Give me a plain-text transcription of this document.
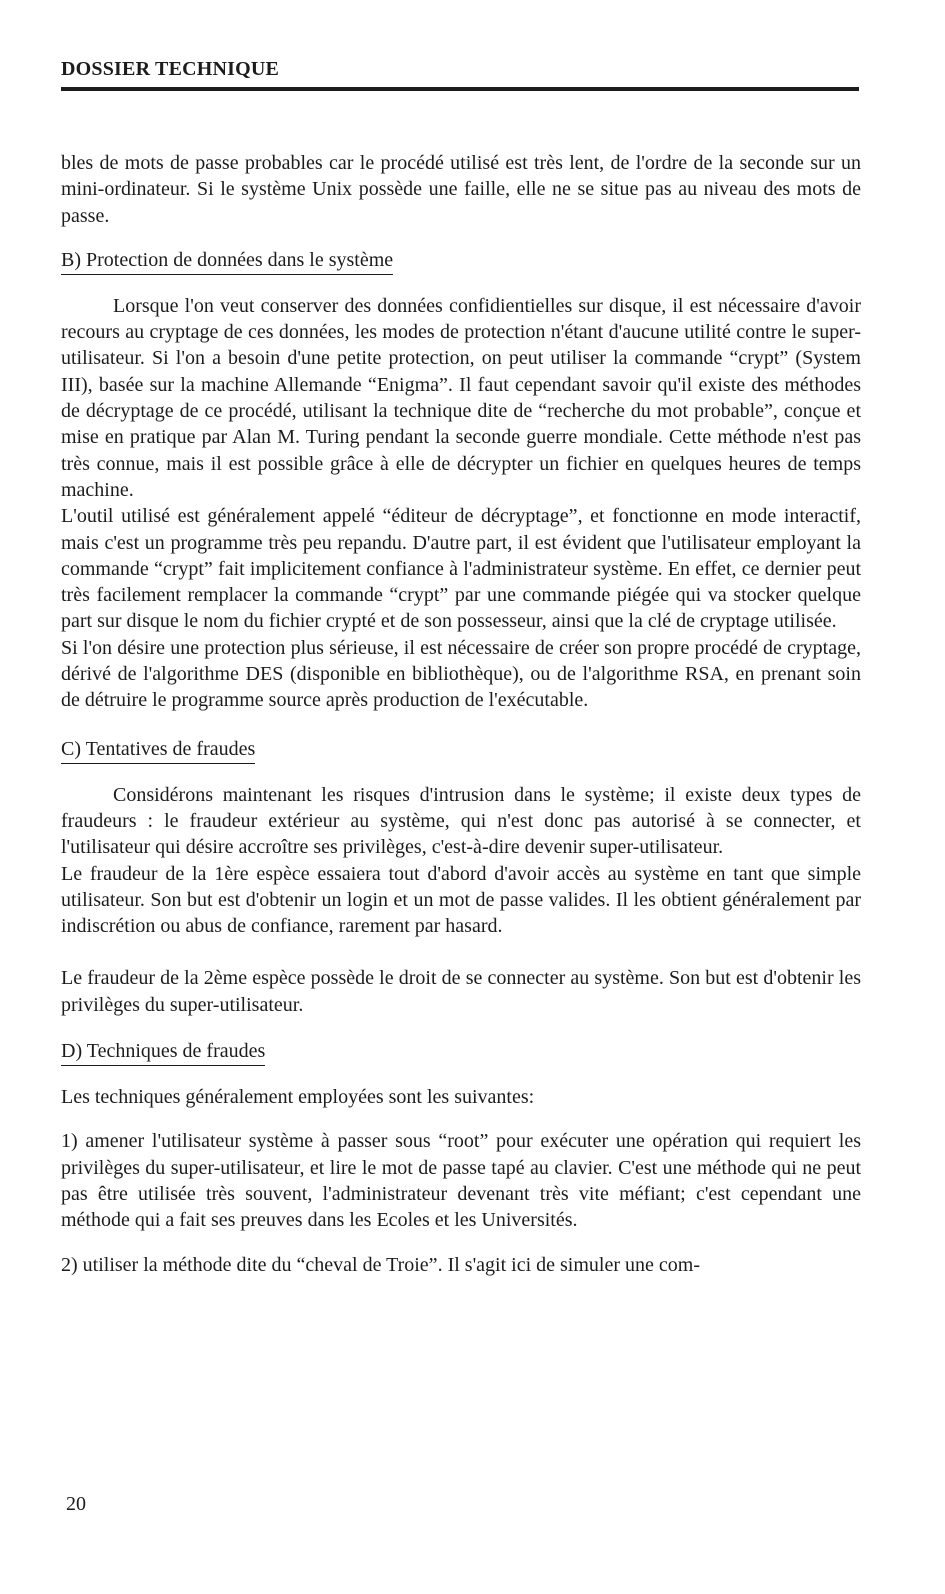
DOSSIER TECHNIQUE

bles de mots de passe probables car le procédé utilisé est très lent, de l'ordre de la seconde sur un mini-ordinateur. Si le système Unix possède une faille, elle ne se situe pas au niveau des mots de passe.

B) Protection de données dans le système

Lorsque l'on veut conserver des données confidientielles sur disque, il est nécessaire d'avoir recours au cryptage de ces données, les modes de protection n'étant d'aucune utilité contre le super-utilisateur. Si l'on a besoin d'une petite protection, on peut utiliser la commande “crypt” (System III), basée sur la machine Allemande “Enigma”. Il faut cependant savoir qu'il existe des méthodes de décryptage de ce procédé, utilisant la technique dite de “recherche du mot probable”, conçue et mise en pratique par Alan M. Turing pendant la seconde guerre mondiale. Cette méthode n'est pas très connue, mais il est possible grâce à elle de décrypter un fichier en quelques heures de temps machine.

L'outil utilisé est généralement appelé “éditeur de décryptage”, et fonctionne en mode interactif, mais c'est un programme très peu repandu. D'autre part, il est évident que l'utilisateur employant la commande “crypt” fait implicitement confiance à l'administrateur système. En effet, ce dernier peut très facilement remplacer la commande “crypt” par une commande piégée qui va stocker quelque part sur disque le nom du fichier crypté et de son possesseur, ainsi que la clé de cryptage utilisée.

Si l'on désire une protection plus sérieuse, il est nécessaire de créer son propre procédé de cryptage, dérivé de l'algorithme DES (disponible en bibliothèque), ou de l'algorithme RSA, en prenant soin de détruire le programme source après production de l'exécutable.

C) Tentatives de fraudes

Considérons maintenant les risques d'intrusion dans le système; il existe deux types de fraudeurs : le fraudeur extérieur au système, qui n'est donc pas autorisé à se connecter, et l'utilisateur qui désire accroître ses privilèges, c'est-à-dire devenir super-utilisateur.

Le fraudeur de la 1ère espèce essaiera tout d'abord d'avoir accès au système en tant que simple utilisateur. Son but est d'obtenir un login et un mot de passe valides. Il les obtient généralement par indiscrétion ou abus de confiance, rarement par hasard.

Le fraudeur de la 2ème espèce possède le droit de se connecter au système. Son but est d'obtenir les privilèges du super-utilisateur.

D) Techniques de fraudes

Les techniques généralement employées sont les suivantes:

1) amener l'utilisateur système à passer sous “root” pour exécuter une opération qui requiert les privilèges du super-utilisateur, et lire le mot de passe tapé au clavier. C'est une méthode qui ne peut pas être utilisée très souvent, l'administrateur devenant très vite méfiant; c'est cependant une méthode qui a fait ses preuves dans les Ecoles et les Universités.

2) utiliser la méthode dite du “cheval de Troie”. Il s'agit ici de simuler une com-

20
